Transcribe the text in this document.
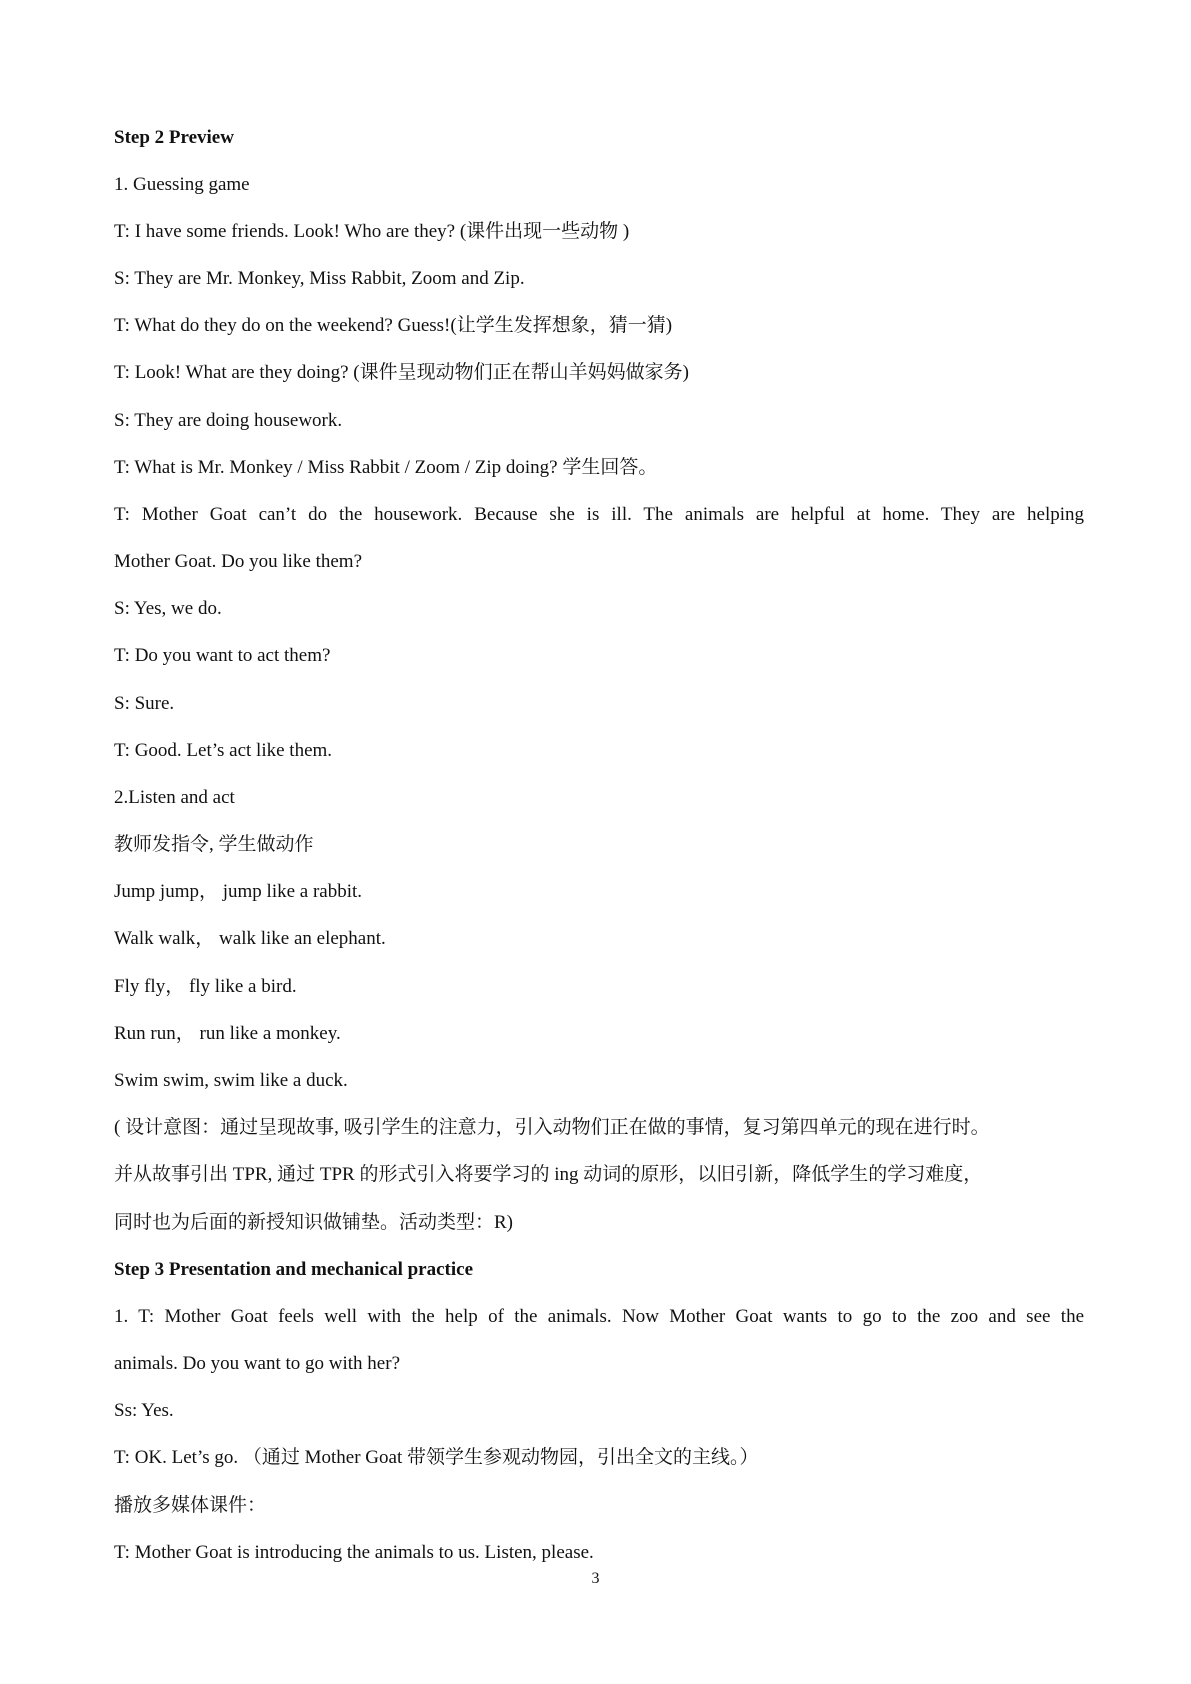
Step 2 Preview
1. Guessing game
T: I have some friends. Look! Who are they? (课件出现一些动物 )
S: They are Mr. Monkey, Miss Rabbit, Zoom and Zip.
T: What do they do on the weekend? Guess!(让学生发挥想象，猜一猜)
T: Look! What are they doing? (课件呈现动物们正在帮山羊妈妈做家务)
S: They are doing housework.
T: What is Mr. Monkey / Miss Rabbit / Zoom / Zip doing? 学生回答。
T: Mother Goat can’t do the housework. Because she is ill. The animals are helpful at home. They are helping
Mother Goat. Do you like them?
S: Yes, we do.
T: Do you want to act them?
S: Sure.
T: Good. Let’s act like them.
2.Listen and act
教师发指令, 学生做动作
Jump jump， jump like a rabbit.
Walk walk， walk like an elephant.
Fly fly， fly like a bird.
Run run， run like a monkey.
Swim swim, swim like a duck.
( 设计意图：通过呈现故事, 吸引学生的注意力，引入动物们正在做的事情，复习第四单元的现在进行时。
并从故事引出 TPR, 通过 TPR 的形式引入将要学习的 ing 动词的原形，以旧引新，降低学生的学习难度，
同时也为后面的新授知识做铺垫。活动类型：R)
Step 3 Presentation and mechanical practice
1. T: Mother Goat feels well with the help of the animals. Now Mother Goat wants to go to the zoo and see the
animals. Do you want to go with her?
Ss: Yes.
T: OK. Let’s go. （通过 Mother Goat 带领学生参观动物园，引出全文的主线。）
播放多媒体课件：
T: Mother Goat is introducing the animals to us. Listen, please.
3
